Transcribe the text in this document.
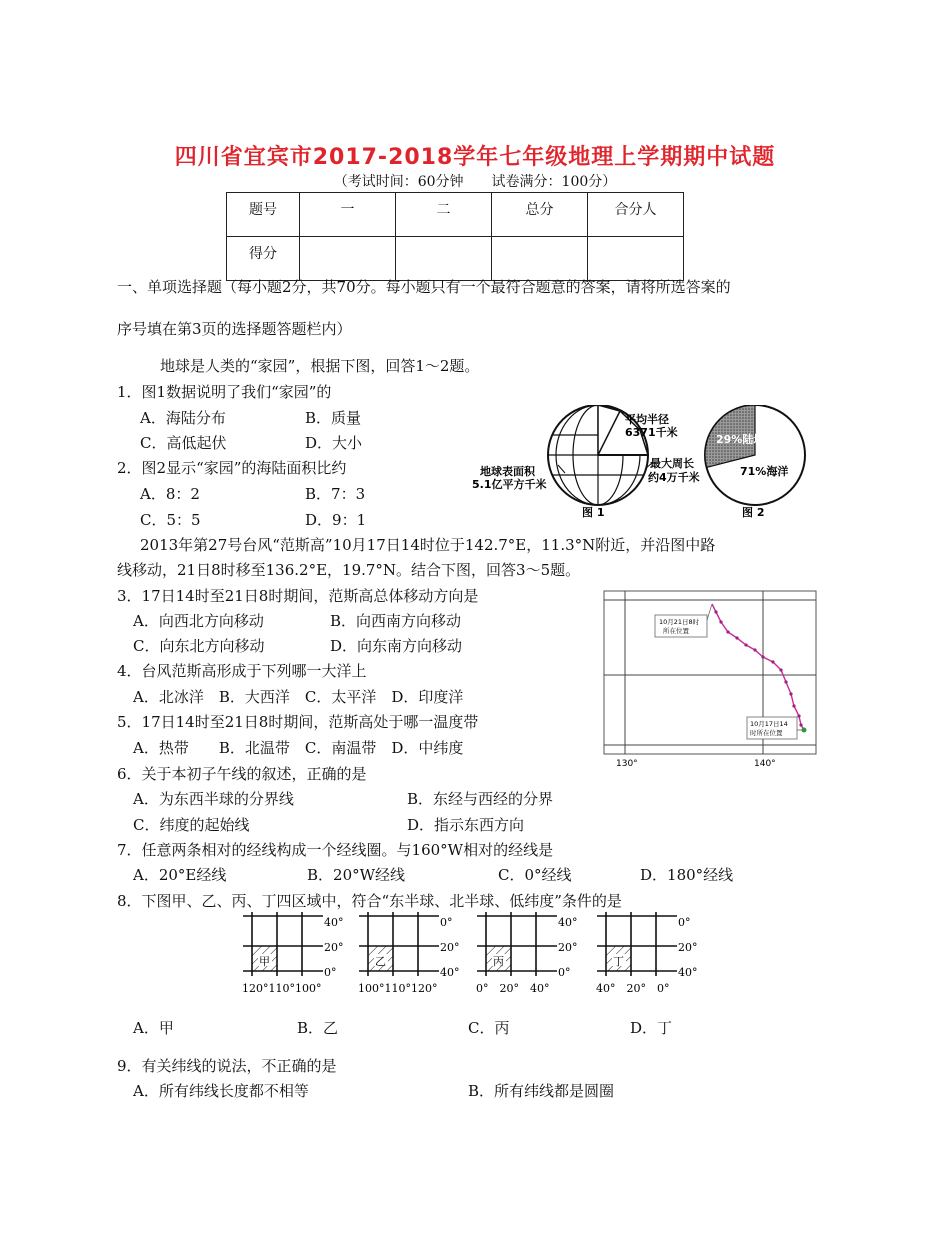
四川省宜宾市2017-2018学年七年级地理上学期期中试题
（考试时间：60分钟　　试卷满分：100分）
题号	一	二	总分	合分人
得分				
一、单项选择题（每小题2分，共70分。每小题只有一个最符合题意的答案，请将所选答案的
序号填在第3页的选择题答题栏内）
地球是人类的“家园”，根据下图，回答1～2题。
1．图1数据说明了我们“家园”的
A．海陆分布	B．质量
C．高低起伏	D．大小
2．图2显示“家园”的海陆面积比约
A．8：2	B．7：3
C．5：5	D．9：1
平均半径
6371千米
地球表面积
5.1亿平方千米
最大周长
约4万千米
图 1
29%陆地
71%海洋
图 2
2013年第27号台风“范斯高”10月17日14时位于142.7°E，11.3°N附近，并沿图中路
线移动，21日8时移至136.2°E，19.7°N。结合下图，回答3～5题。
3．17日14时至21日8时期间，范斯高总体移动方向是
A．向西北方向移动	B．向西南方向移动
C．向东北方向移动	D．向东南方向移动
4．台风范斯高形成于下列哪一大洋上
A．北冰洋　B．大西洋　C．太平洋　D．印度洋
5．17日14时至21日8时期间，范斯高处于哪一温度带
A．热带　　B．北温带　C．南温带　D．中纬度
10月21日8时
所在位置
10月17日14
时所在位置
130°	140°
6．关于本初子午线的叙述，正确的是
A．为东西半球的分界线	B．东经与西经的分界
C．纬度的起始线	D．指示东西方向
7．任意两条相对的经线构成一个经线圈。与160°W相对的经线是
A．20°E经线	B．20°W经线	C．0°经线	D．180°经线
8．下图甲、乙、丙、丁四区域中，符合“东半球、北半球、低纬度”条件的是
甲
40°
20°
0°
120°110°100°
乙
0°
20°
40°
100°110°120°
丙
40°
20°
0°
0°　20°　40°
丁
0°
20°
40°
40°　20°　0°
A．甲	B．乙	C．丙	D．丁
9．有关纬线的说法，不正确的是
A．所有纬线长度都不相等	B．所有纬线都是圆圈
